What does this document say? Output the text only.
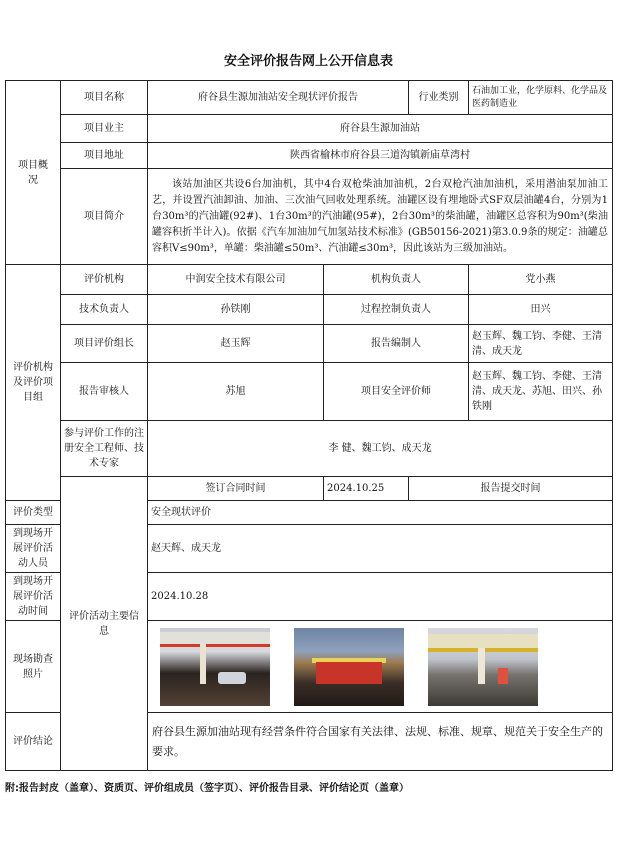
安全评价报告网上公开信息表
项目概况	项目名称	府谷县生源加油站安全现状评价报告		行业类别	石油加工业，化学原料、化学品及医药制造业	
	项目业主	府谷县生源加油站				
	项目地址	陕西省榆林市府谷县三道沟镇新庙草湾村				
	项目简介	该站加油区共设6台加油机，其中4台双枪柴油加油机，2台双枪汽油加油机，采用潜油泵加油工艺，并设置汽油卸油、加油、三次油气回收处理系统。油罐区设有埋地卧式SF双层油罐4台，分别为1台30m³的汽油罐(92#)、1台30m³的汽油罐(95#)，2台30m³的柴油罐，油罐区总容积为90m³(柴油罐容积折半计入)。依据《汽车加油加气加氢站技术标准》(GB50156-2021)第3.0.9条的规定：油罐总容积V≤90m³，单罐：柴油罐≤50m³、汽油罐≤30m³，因此该站为三级加油站。				
评价机构及评价项目组	评价机构	中润安全技术有限公司	机构负责人		党小燕	
	技术负责人	孙铁刚	过程控制负责人		田兴	
	项目评价组长	赵玉辉	报告编制人		赵玉辉、魏工钧、李健、王清清、成天龙	
	报告审核人	苏旭	项目安全评价师		赵玉辉、魏工钧、李健、王清清、成天龙、苏旭、田兴、孙铁刚	
	参与评价工作的注册安全工程师、技术专家	李 健、魏工钧、成天龙				
	评价活动主要信 息	签订合同时间	2024.10.25	报告提交时间	
评价类型		安全现状评价				
到现场开展评价活动人员		赵天辉、成天龙				
到现场开展评价活动时间		2024.10.28				
现场勘查照片						

评价结论		府谷县生源加油站现有经营条件符合国家有关法律、法规、标准、规章、规范关于安全生产的要求。				
附:报告封皮（盖章）、资质页、评价组成员（签字页）、评价报告目录、评价结论页（盖章）
